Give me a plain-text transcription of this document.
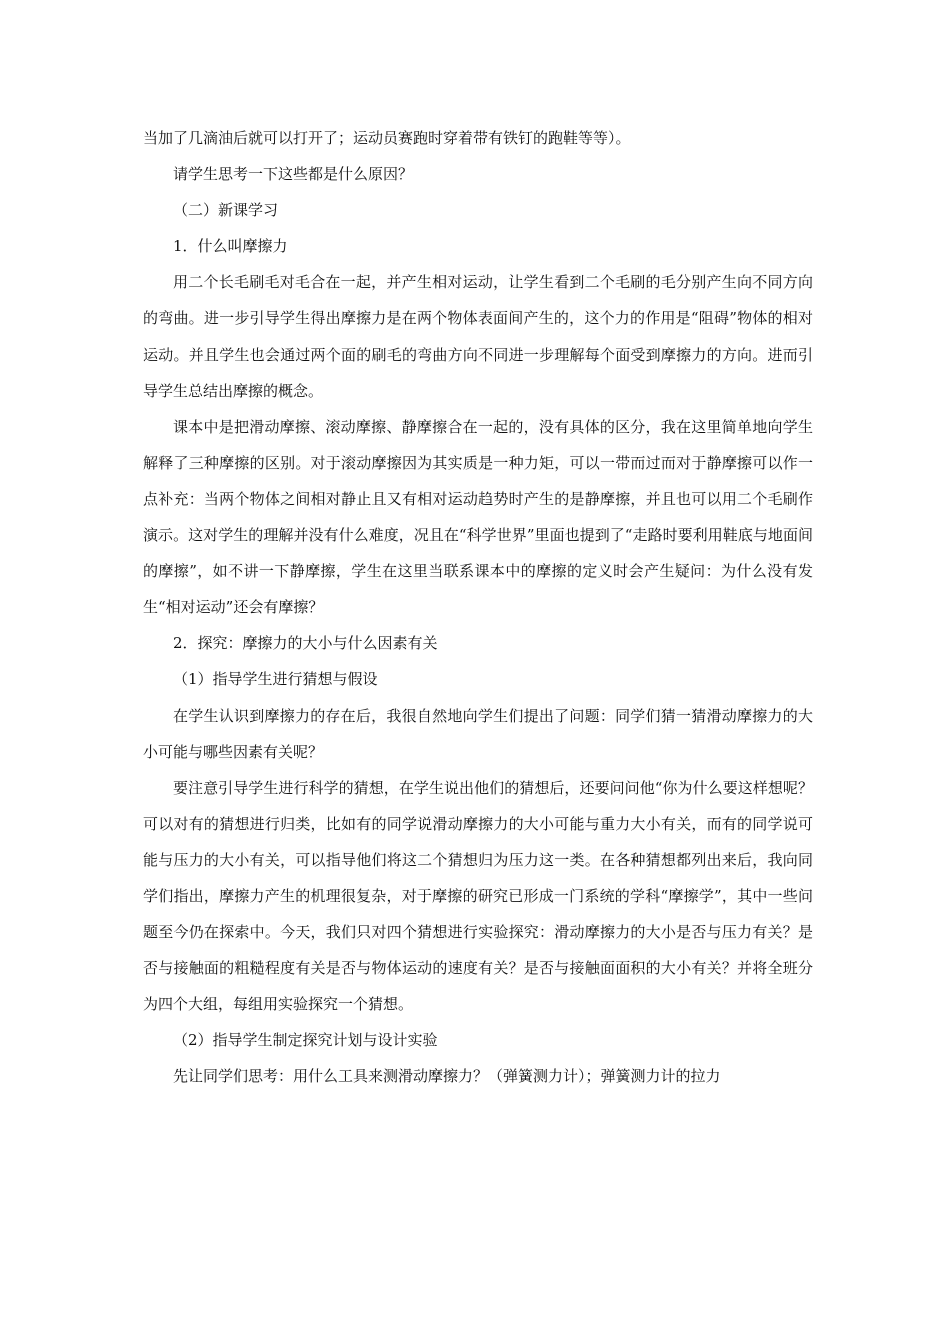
当加了几滴油后就可以打开了；运动员赛跑时穿着带有铁钉的跑鞋等等）。

请学生思考一下这些都是什么原因？

（二）新课学习

1．什么叫摩擦力

用二个长毛刷毛对毛合在一起，并产生相对运动，让学生看到二个毛刷的毛分别产生向不同方向的弯曲。进一步引导学生得出摩擦力是在两个物体表面间产生的，这个力的作用是“阻碍”物体的相对运动。并且学生也会通过两个面的刷毛的弯曲方向不同进一步理解每个面受到摩擦力的方向。进而引导学生总结出摩擦的概念。

课本中是把滑动摩擦、滚动摩擦、静摩擦合在一起的，没有具体的区分，我在这里简单地向学生解释了三种摩擦的区别。对于滚动摩擦因为其实质是一种力矩，可以一带而过而对于静摩擦可以作一点补充：当两个物体之间相对静止且又有相对运动趋势时产生的是静摩擦，并且也可以用二个毛刷作演示。这对学生的理解并没有什么难度，况且在“科学世界”里面也提到了“走路时要利用鞋底与地面间的摩擦”，如不讲一下静摩擦，学生在这里当联系课本中的摩擦的定义时会产生疑问：为什么没有发生“相对运动”还会有摩擦？

2．探究：摩擦力的大小与什么因素有关

（1）指导学生进行猜想与假设

在学生认识到摩擦力的存在后，我很自然地向学生们提出了问题：同学们猜一猜滑动摩擦力的大小可能与哪些因素有关呢？

要注意引导学生进行科学的猜想，在学生说出他们的猜想后，还要问问他“你为什么要这样想呢？可以对有的猜想进行归类，比如有的同学说滑动摩擦力的大小可能与重力大小有关，而有的同学说可能与压力的大小有关，可以指导他们将这二个猜想归为压力这一类。在各种猜想都列出来后，我向同学们指出，摩擦力产生的机理很复杂，对于摩擦的研究已形成一门系统的学科“摩擦学”，其中一些问题至今仍在探索中。今天，我们只对四个猜想进行实验探究：滑动摩擦力的大小是否与压力有关？是否与接触面的粗糙程度有关是否与物体运动的速度有关？是否与接触面面积的大小有关？并将全班分为四个大组，每组用实验探究一个猜想。

（2）指导学生制定探究计划与设计实验

先让同学们思考：用什么工具来测滑动摩擦力？（弹簧测力计）；弹簧测力计的拉力
